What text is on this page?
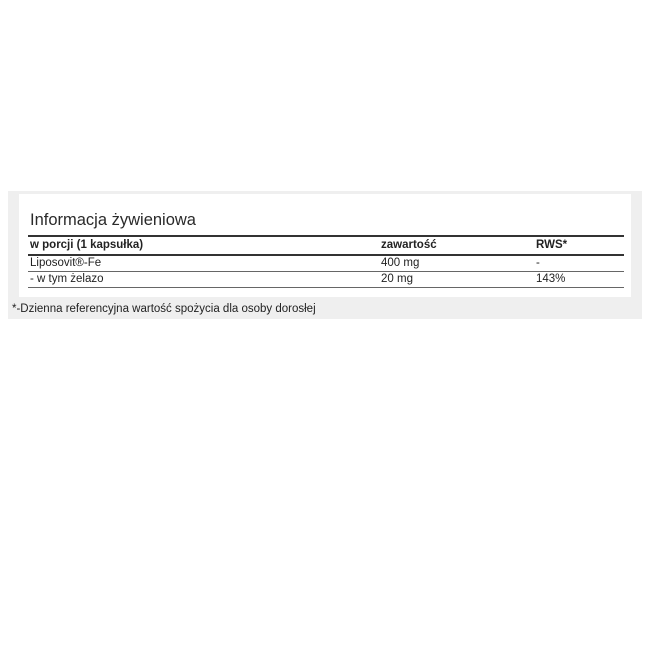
Informacja żywieniowa
w porcji (1 kapsułka)	zawartość	RWS*
Liposovit®-Fe	400 mg	-
- w tym żelazo	20 mg	143%
*-Dzienna referencyjna wartość spożycia dla osoby dorosłej
